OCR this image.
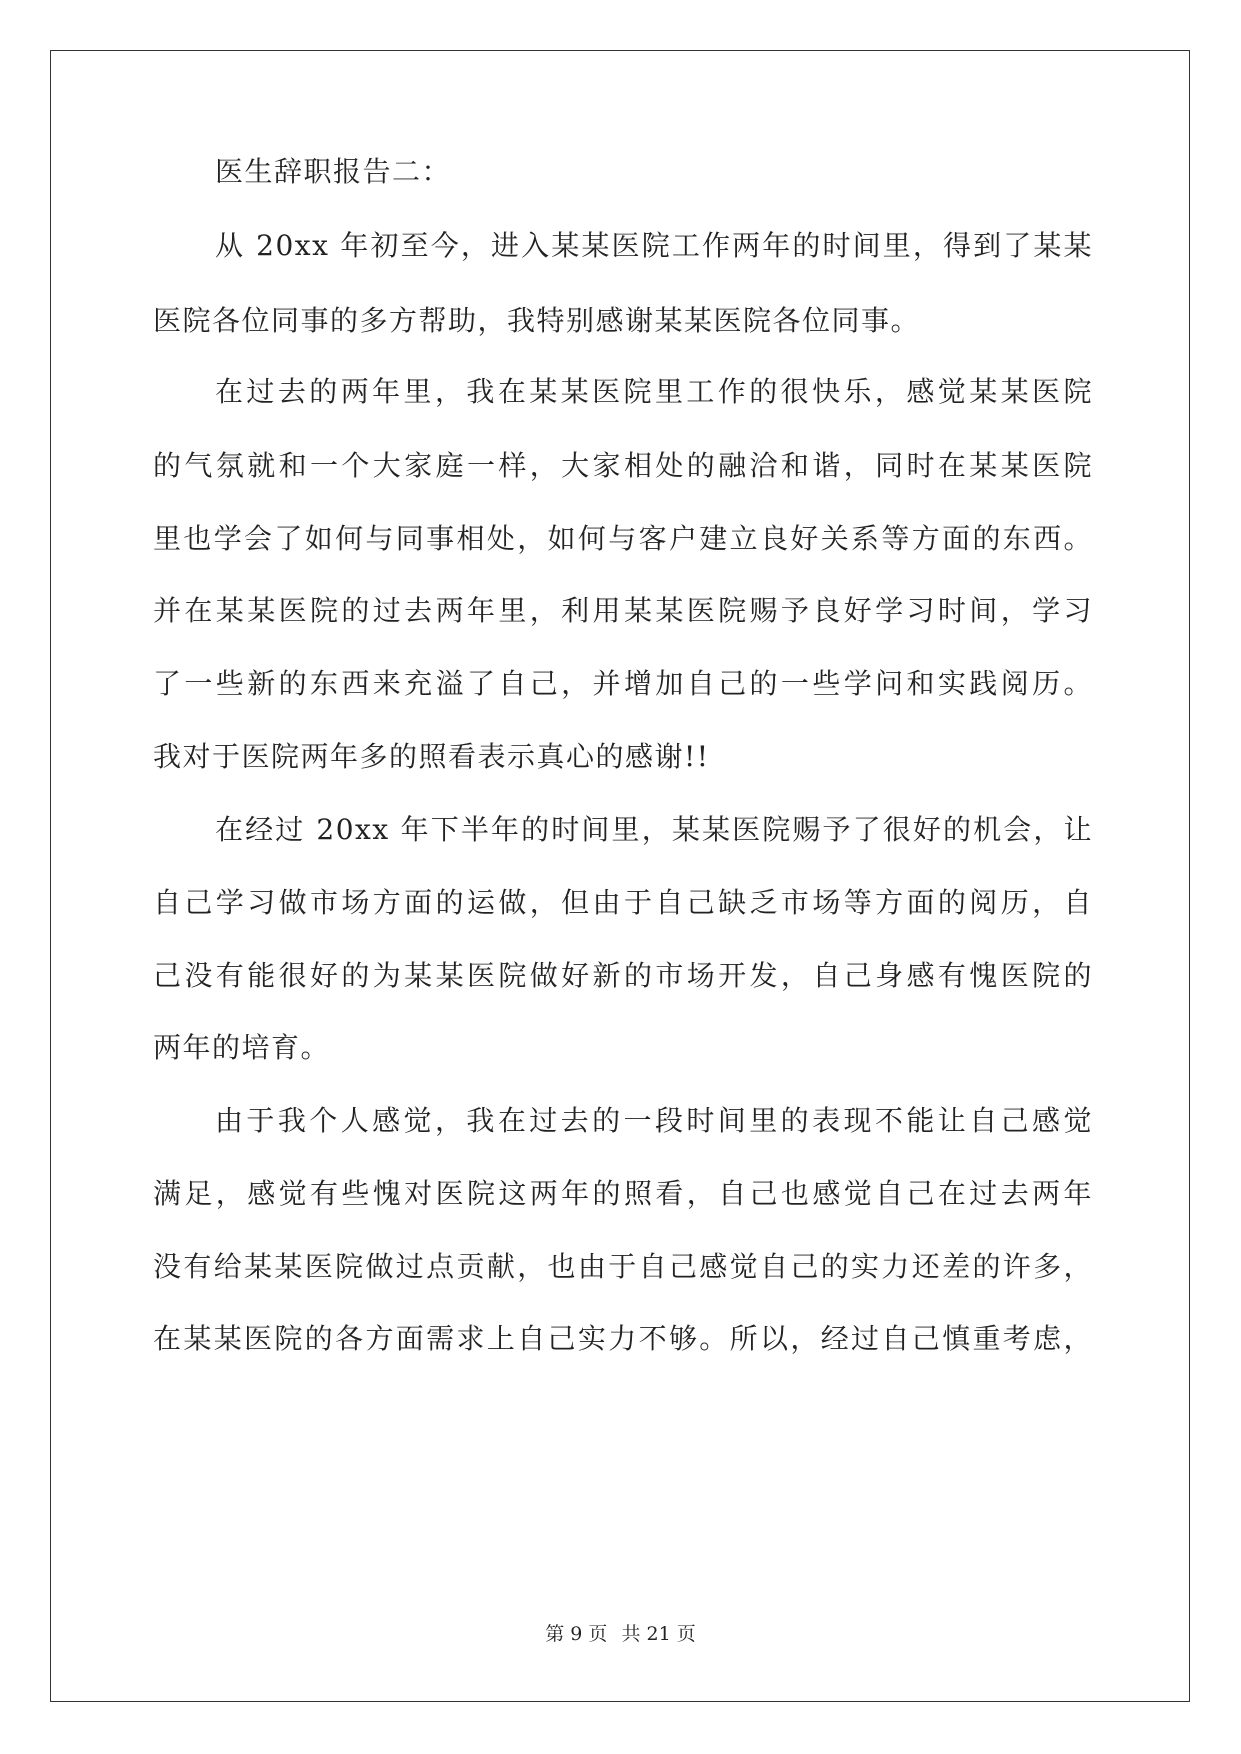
医生辞职报告二：
从 20xx 年初至今，进入某某医院工作两年的时间里，得到了某某
医院各位同事的多方帮助，我特别感谢某某医院各位同事。
在过去的两年里，我在某某医院里工作的很快乐，感觉某某医院
的气氛就和一个大家庭一样，大家相处的融洽和谐，同时在某某医院
里也学会了如何与同事相处，如何与客户建立良好关系等方面的东西。
并在某某医院的过去两年里，利用某某医院赐予良好学习时间，学习
了一些新的东西来充溢了自己，并增加自己的一些学问和实践阅历。
我对于医院两年多的照看表示真心的感谢!!
在经过 20xx 年下半年的时间里，某某医院赐予了很好的机会，让
自己学习做市场方面的运做，但由于自己缺乏市场等方面的阅历，自
己没有能很好的为某某医院做好新的市场开发，自己身感有愧医院的
两年的培育。
由于我个人感觉，我在过去的一段时间里的表现不能让自己感觉
满足，感觉有些愧对医院这两年的照看，自己也感觉自己在过去两年
没有给某某医院做过点贡献，也由于自己感觉自己的实力还差的许多，
在某某医院的各方面需求上自己实力不够。所以，经过自己慎重考虑，
第 9 页 共 21 页
